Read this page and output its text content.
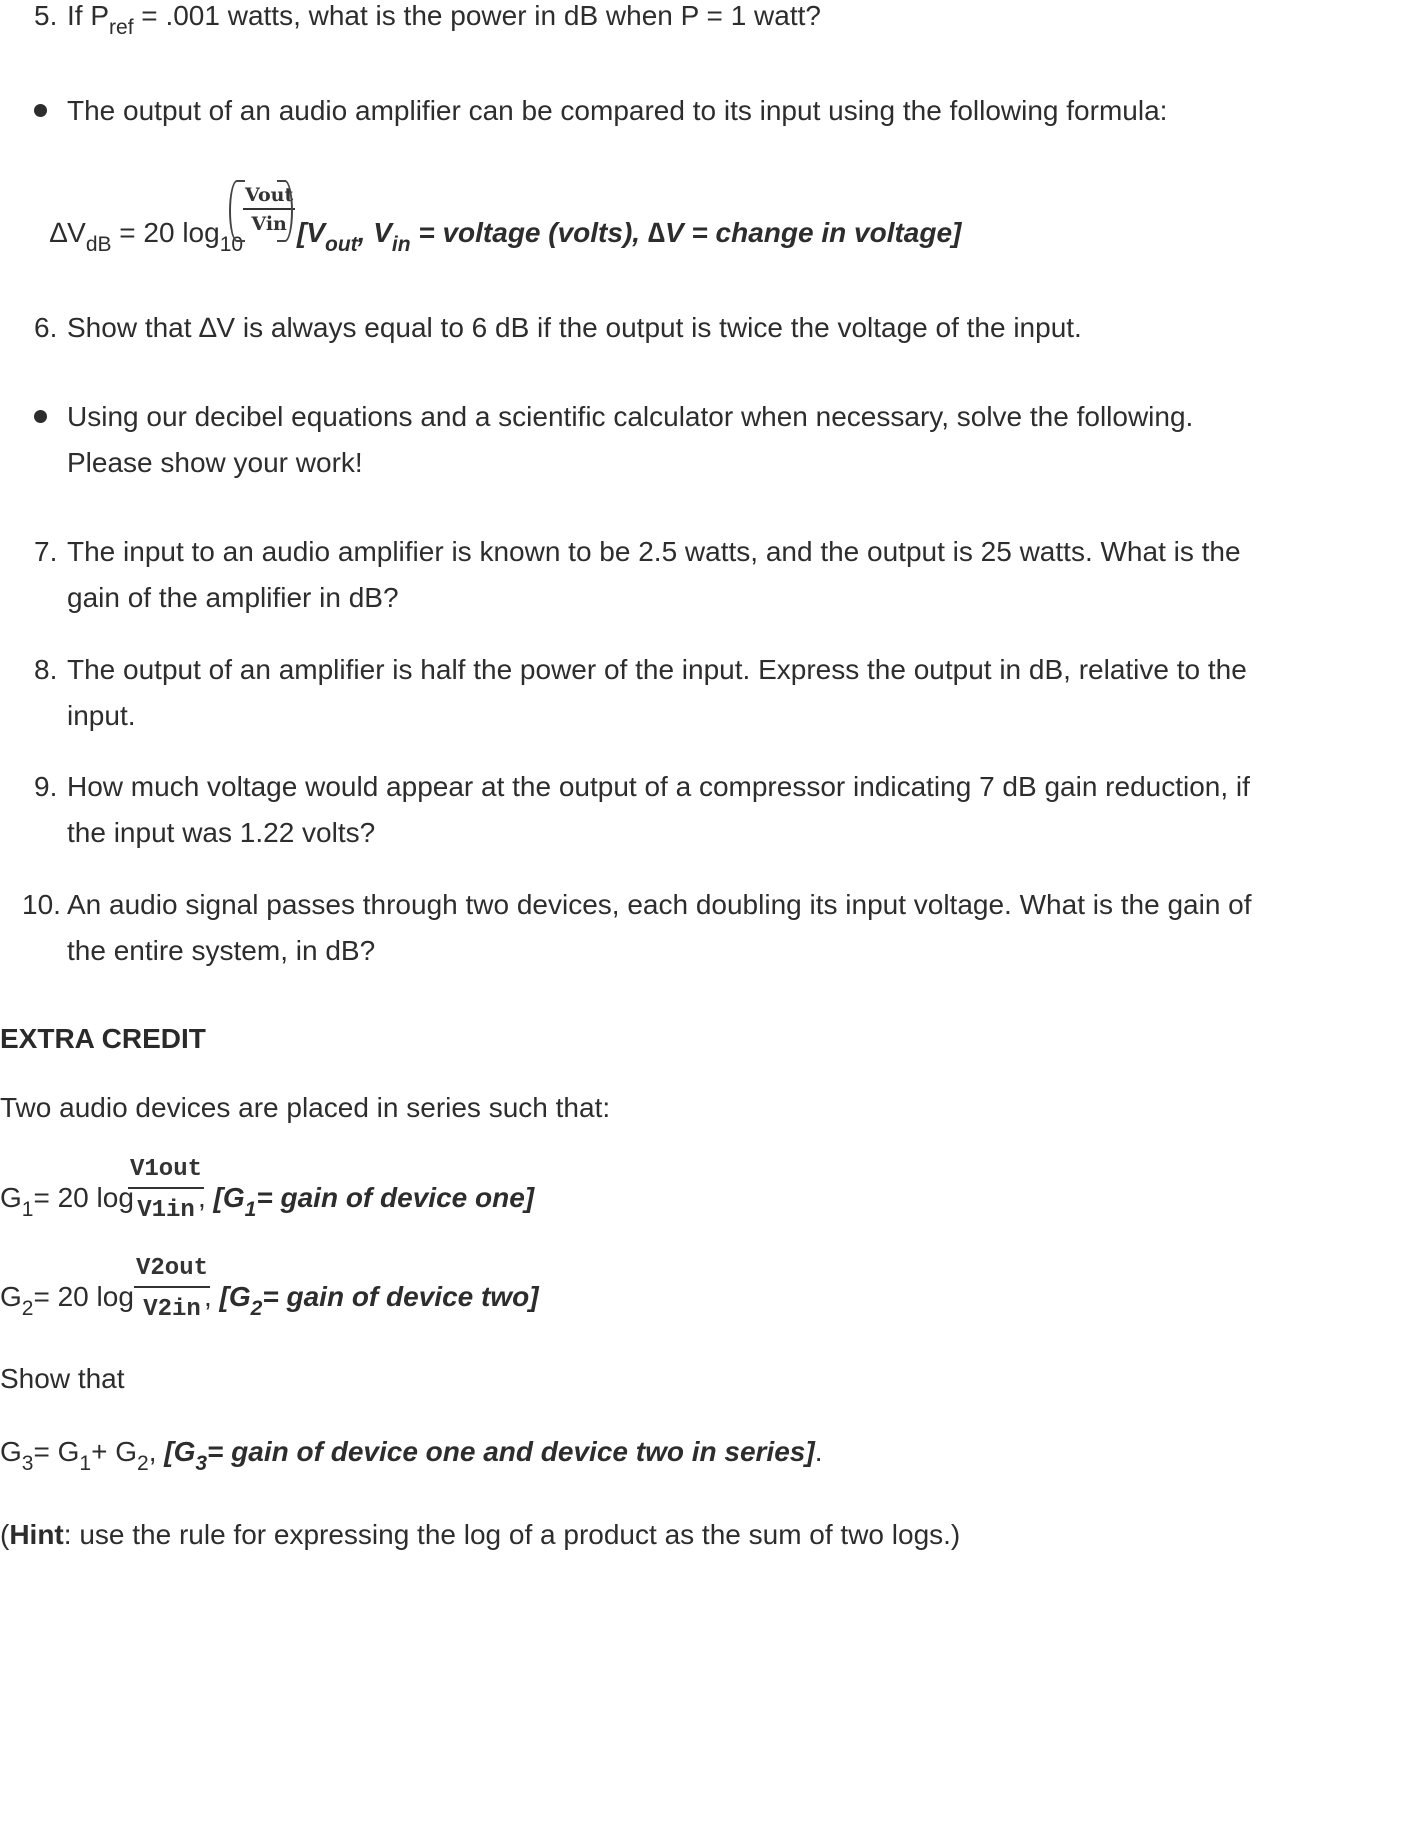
5. If $P_{ref} = .001$ watts, what is the power in dB when P = 1 watt?
The output of an audio amplifier can be compared to its input using the following formula:
$\Delta V_{dB} = 20$ $\log_{10}$
Vout
Vin [$V_{out}$, $V_{in}$ = voltage (volts), ∆V = change in voltage]
6. Show that ∆V is always equal to 6 dB if the output is twice the voltage of the input.
Using our decibel equations and a scientific calculator when necessary, solve the following.
Please show your work!
7. The input to an audio amplifier is known to be 2.5 watts, and the output is 25 watts. What is the
gain of the amplifier in dB?
8. The output of an amplifier is half the power of the input. Express the output in dB, relative to the
input.
9. How much voltage would appear at the output of a compressor indicating 7 dB gain reduction, if
the input was 1.22 volts?
10. An audio signal passes through two devices, each doubling its input voltage. What is the gain of
the entire system, in dB?
EXTRA CREDIT
Two audio devices are placed in series such that:
$G_1= 20$ log
V1out
V1in , [$G_1=$ gain of device one]
$G_2= 20$ log
V2out
V2in , [$G_2=$ gain of device two]
Show that
$G_3= G_1+ G_2$, [$G_3=$ gain of device one and device two in series].
(Hint: use the rule for expressing the log of a product as the sum of two logs.)
